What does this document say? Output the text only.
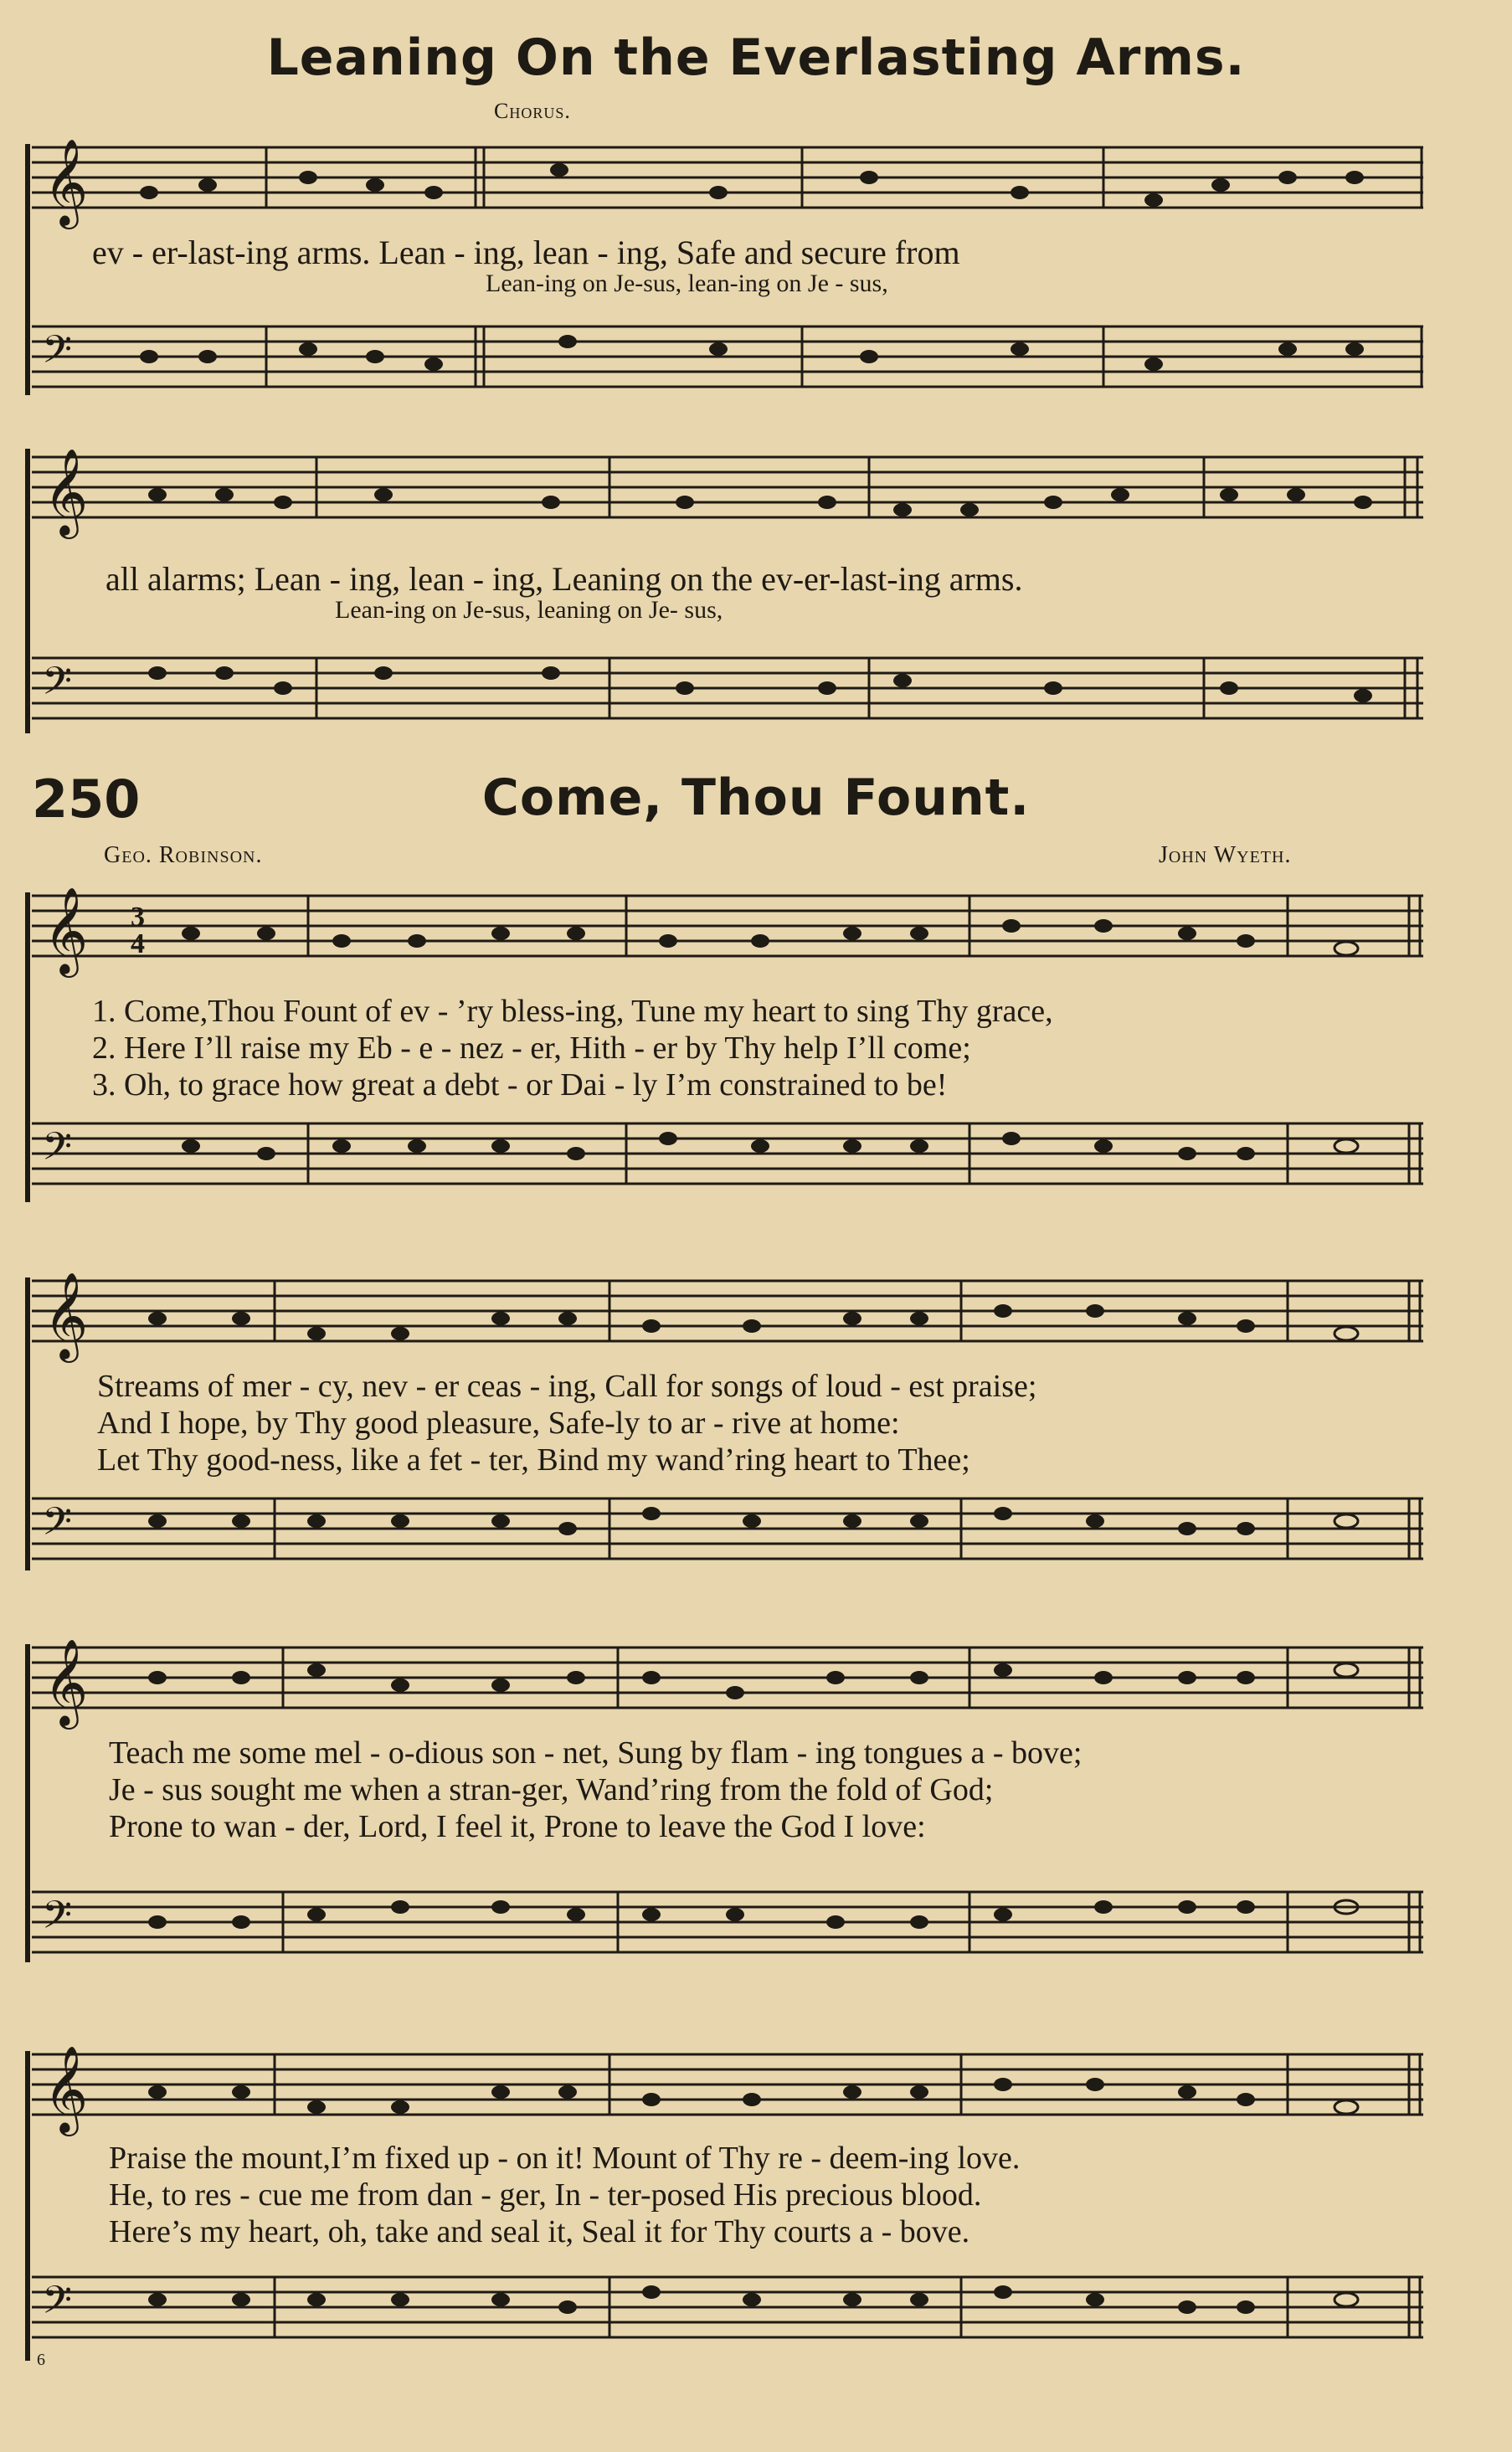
Leaning On the Everlasting Arms.
Chorus.
𝄞
ev - er-last-ing arms. Lean - ing, lean - ing, Safe and secure from
Lean-ing on Je-sus, lean-ing on Je - sus,
𝄢
𝄞
all alarms; Lean - ing, lean - ing, Leaning on the ev-er-last-ing arms.
Lean-ing on Je-sus, leaning on Je- sus,
𝄢
250	Come, Thou Fount.
Geo. Robinson.	John Wyeth.
𝄞 3
4
1. Come,Thou Fount of ev - ’ry bless-ing, Tune my heart to sing Thy grace,
2. Here I’ll raise my Eb - e - nez - er, Hith - er by Thy help I’ll come;
3. Oh, to grace how great a debt - or Dai - ly I’m constrained to be!
𝄢
𝄞
Streams of mer - cy, nev - er ceas - ing, Call for songs of loud - est praise;
And I hope, by Thy good pleasure, Safe-ly to ar - rive at home:
Let Thy good-ness, like a fet - ter, Bind my wand’ring heart to Thee;
𝄢
𝄞
Teach me some mel - o-dious son - net, Sung by flam - ing tongues a - bove;
Je - sus sought me when a stran-ger, Wand’ring from the fold of God;
Prone to wan - der, Lord, I feel it, Prone to leave the God I love:
𝄢
𝄞
Praise the mount,I’m fixed up - on it! Mount of Thy re - deem-ing love.
He, to res - cue me from dan - ger, In - ter-posed His precious blood.
Here’s my heart, oh, take and seal it, Seal it for Thy courts a - bove.
𝄢
6
